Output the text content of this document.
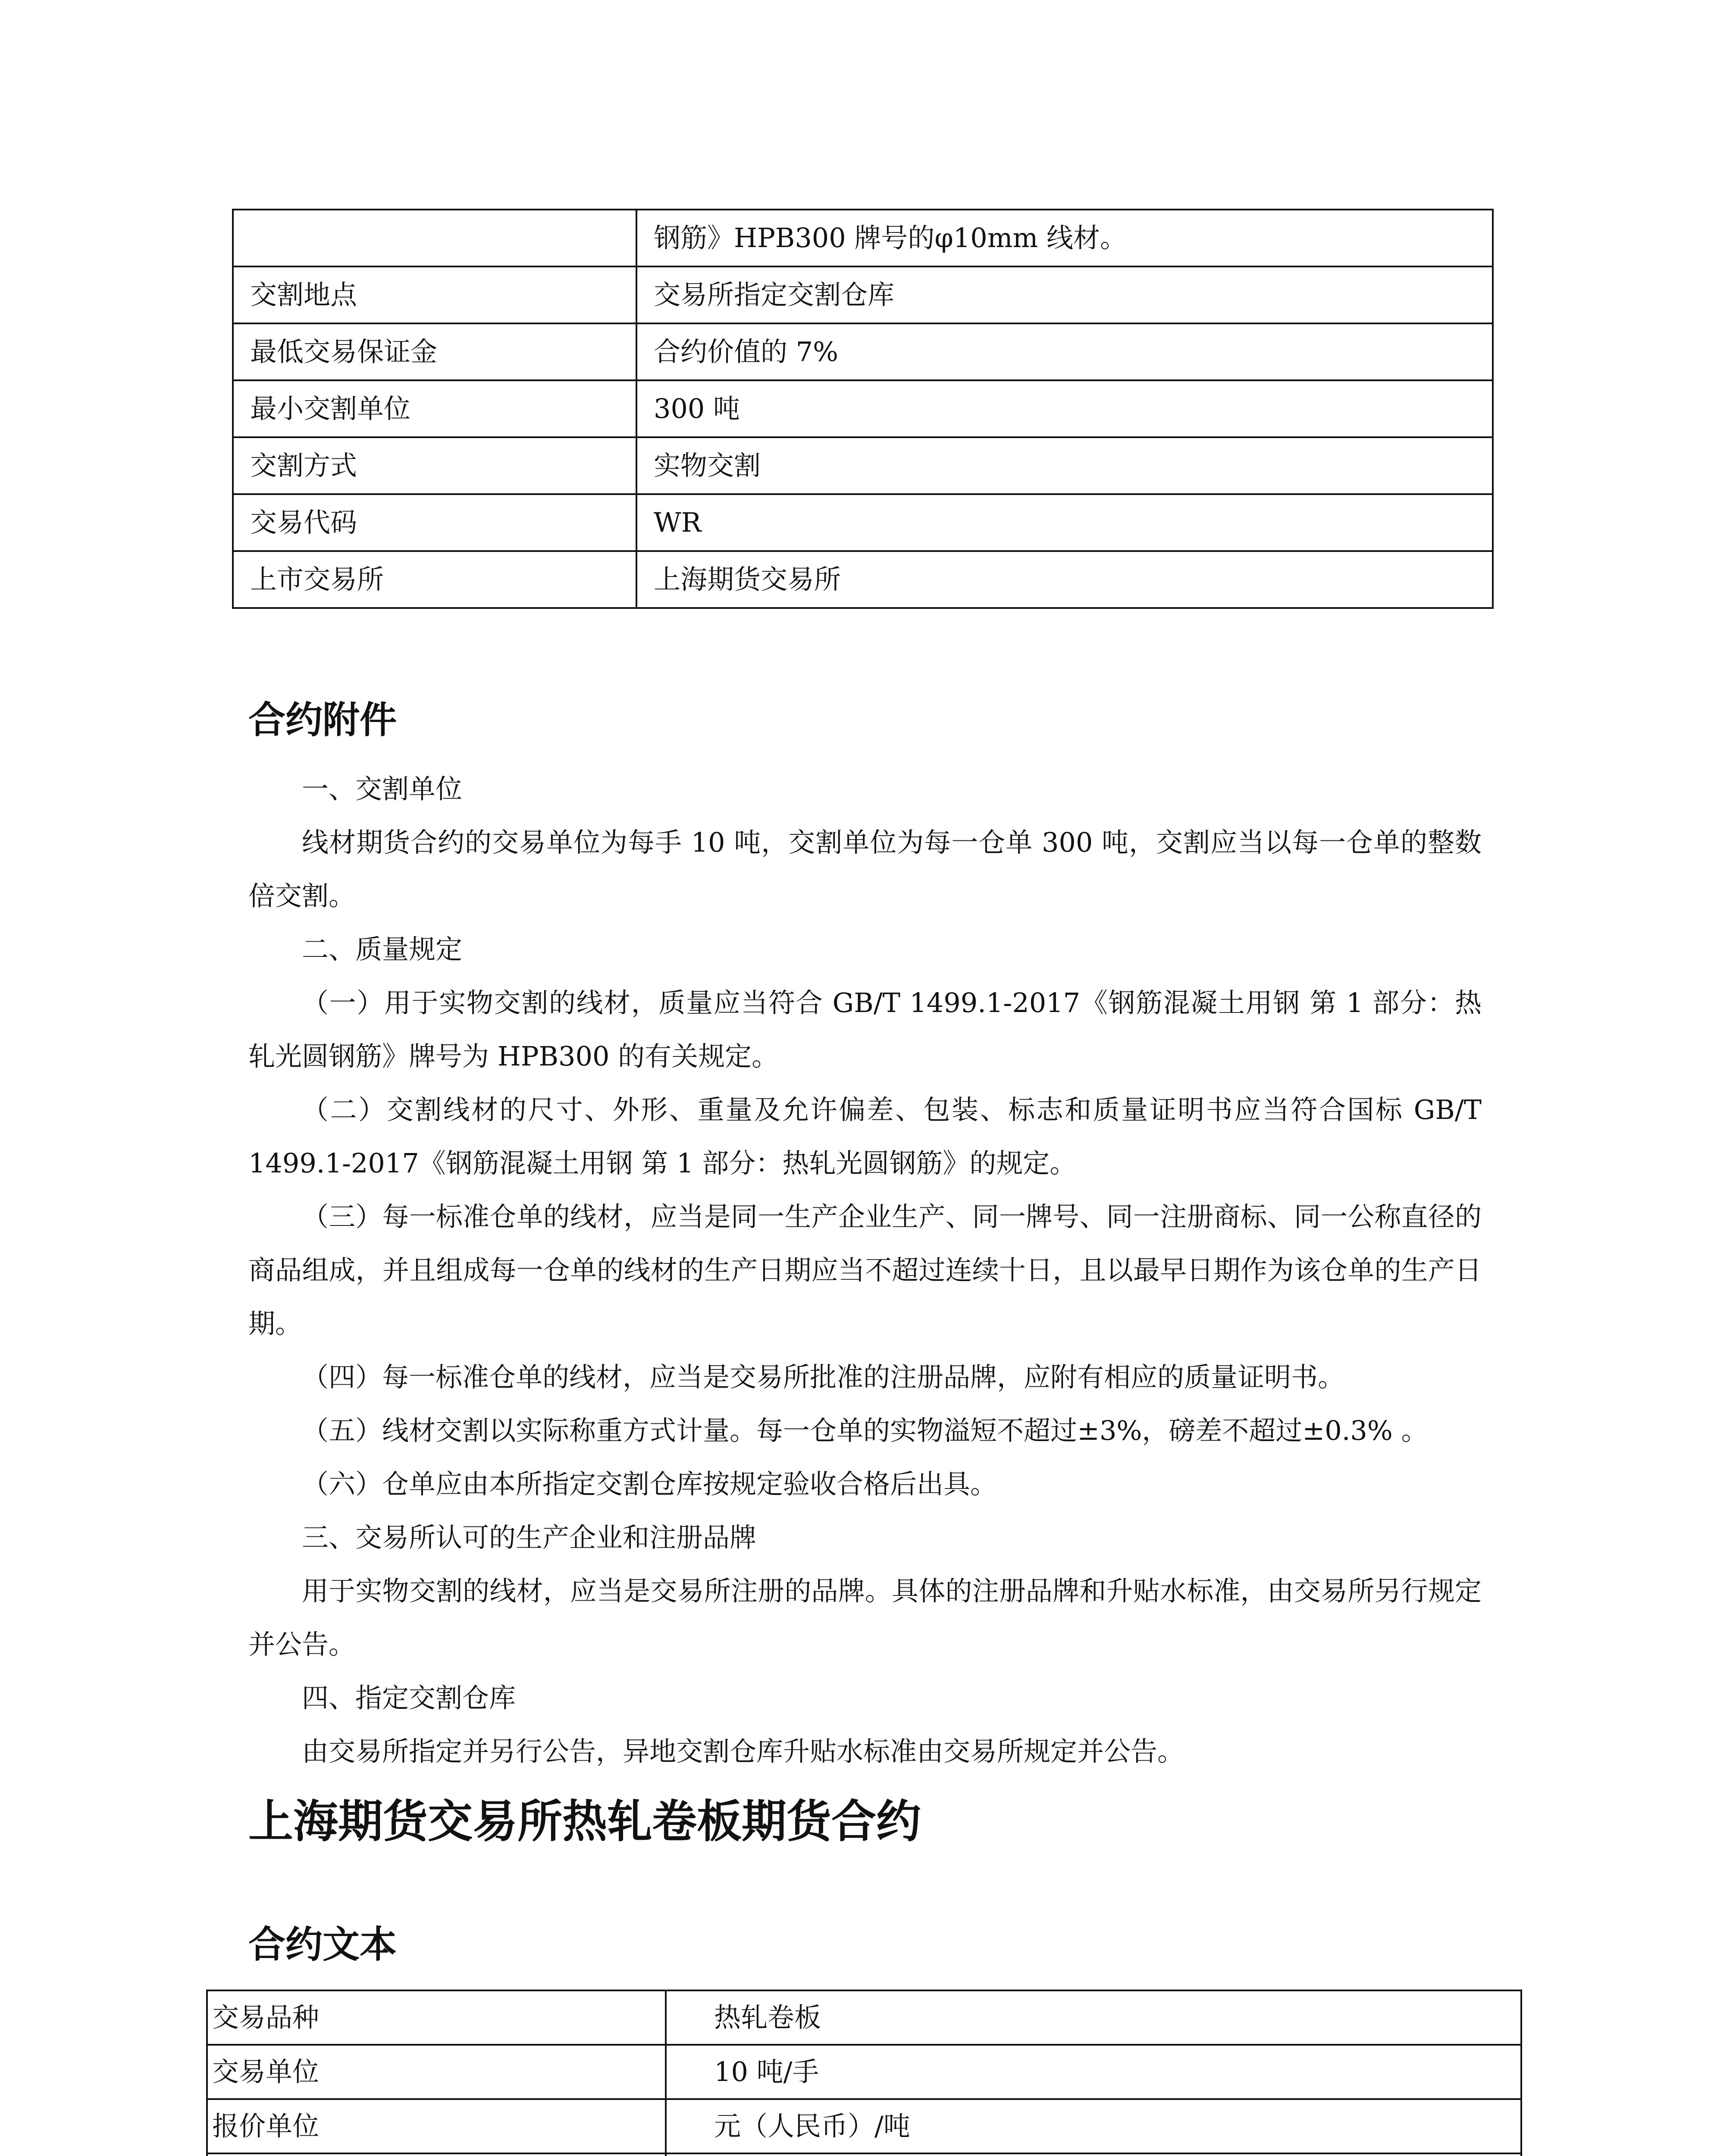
	钢筋》HPB300 牌号的φ10mm 线材。
交割地点	交易所指定交割仓库
最低交易保证金	合约价值的 7%
最小交割单位	300 吨
交割方式	实物交割
交易代码	WR
上市交易所	上海期货交易所
合约附件

一、交割单位

线材期货合约的交易单位为每手 10 吨，交割单位为每一仓单 300 吨，交割应当以每一仓单的整数倍交割。

二、质量规定

（一）用于实物交割的线材，质量应当符合 GB/T 1499.1-2017《钢筋混凝土用钢 第 1 部分：热轧光圆钢筋》牌号为 HPB300 的有关规定。

（二）交割线材的尺寸、外形、重量及允许偏差、包装、标志和质量证明书应当符合国标 GB/T 1499.1-2017《钢筋混凝土用钢 第 1 部分：热轧光圆钢筋》的规定。

（三）每一标准仓单的线材，应当是同一生产企业生产、同一牌号、同一注册商标、同一公称直径的商品组成，并且组成每一仓单的线材的生产日期应当不超过连续十日，且以最早日期作为该仓单的生产日期。

（四）每一标准仓单的线材，应当是交易所批准的注册品牌，应附有相应的质量证明书。

（五）线材交割以实际称重方式计量。每一仓单的实物溢短不超过±3%，磅差不超过±0.3% 。

（六）仓单应由本所指定交割仓库按规定验收合格后出具。

三、交易所认可的生产企业和注册品牌

用于实物交割的线材，应当是交易所注册的品牌。具体的注册品牌和升贴水标准，由交易所另行规定并公告。

四、指定交割仓库

由交易所指定并另行公告，异地交割仓库升贴水标准由交易所规定并公告。

上海期货交易所热轧卷板期货合约
合约文本
交易品种	热轧卷板
交易单位	10 吨/手
报价单位	元（人民币）/吨
